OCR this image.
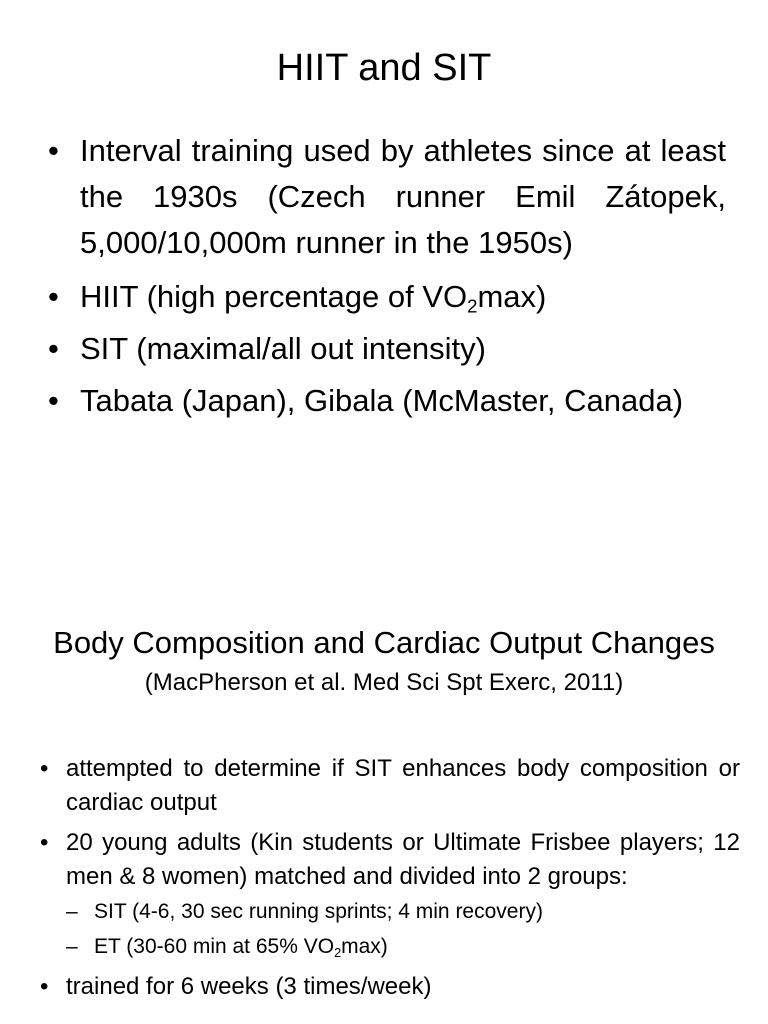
HIIT and SIT
• Interval training used by athletes since at least the 1930s (Czech runner Emil Zátopek, 5,000/10,000m runner in the 1950s)
• HIIT (high percentage of $VO_2\max$)
• SIT (maximal/all out intensity)
• Tabata (Japan), Gibala (McMaster, Canada)
Body Composition and Cardiac Output Changes
(MacPherson et al. Med Sci Spt Exerc, 2011)
• attempted to determine if SIT enhances body composition or cardiac output
• 20 young adults (Kin students or Ultimate Frisbee players; 12 men & 8 women) matched and divided into 2 groups:
– SIT (4-6, 30 sec running sprints; 4 min recovery)
– ET (30-60 min at 65% $VO_2\max$)
• trained for 6 weeks (3 times/week)
